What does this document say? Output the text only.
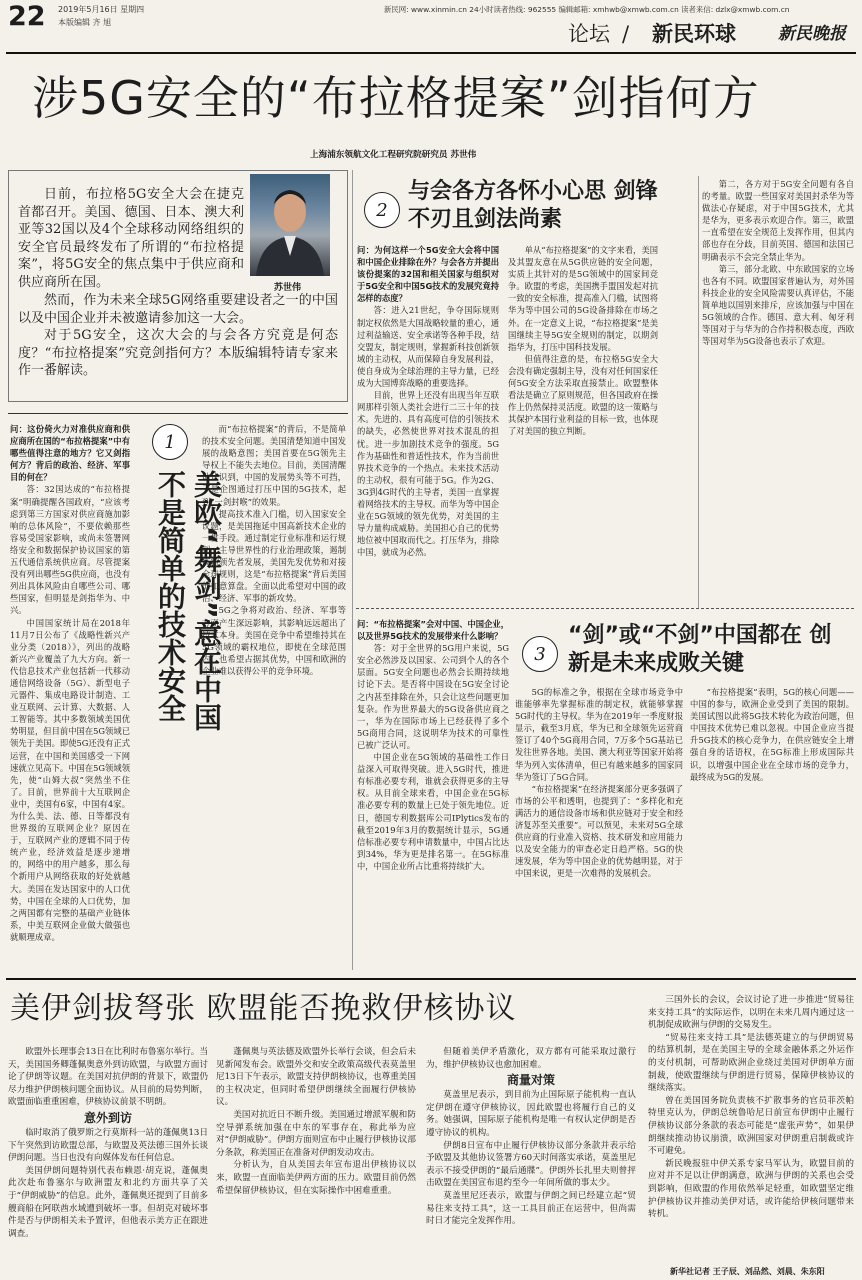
22 2019年5月16日 星期四
本版编辑 齐 旭
新民网: www.xinmin.cn 24小时读者热线: 962555 编辑邮箱: xmhwb@xmwb.com.cn 读者来信: dzlx@xmwb.com.cn
论坛 / 新民环球 新民晚报
涉5G安全的“布拉格提案”剑指何方
上海浦东领航文化工程研究院研究员 苏世伟

日前，布拉格5G安全大会在捷克首都召开。美国、德国、日本、澳大利亚等32国以及4个全球移动网络组织的安全官员最终发布了所谓的“布拉格提案”，将5G安全的焦点集中于供应商和供应商所在国。

然而，作为未来全球5G网络重要建设者之一的中国以及中国企业并未被邀请参加这一大会。

对于5G安全，这次大会的与会各方究竟是何态度？“布拉格提案”究竟剑指何方？本版编辑特请专家来作一番解读。

苏世伟
1
美欧“舞剑”意在中国 不是简单的技术安全

问：这份倚火力对准供应商和供应商所在国的“布拉格提案”中有哪些值得注意的地方？它又剑指何方？背后的政治、经济、军事目的何在？

答：32国达成的“布拉格提案”明确提醒各国政府，“应该考虑到第三方国家对供应商施加影响的总体风险”，不要依赖那些容易受国家影响，或尚未签署网络安全和数据保护协议国家的第五代通信系统供应商。尽管提案没有列出哪些5G供应商，也没有列出具体风险由自哪些公司、哪些国家，但明显是剑指华为、中兴。

中国国家统计局在2018年11月7日公布了《战略性新兴产业分类（2018）》，列出的战略新兴产业覆盖了九大方向。新一代信息技术产业包括新一代移动通信网络设备（5G）、新型电子元器件、集成电路设计制造、工业互联网、云计算、大数据、人工智能等。其中多数领域美国优势明显，但目前中国在5G领域已领先于美国。即使5G还没有正式运营，在中国和美国感受一下网速就立见高下。中国在5G领域领先，使“山姆大叔”突然坐不住了。目前，世界前十大互联网企业中，美国有6家，中国有4家。为什么美、法、德、日等都没有世界级的互联网企业？原因在于，互联网产业的逻辑不同于传统产业，经济效益是逐步递增的，网络中的用户越多，那么每个新用户从网络获取的好处就越大。美国在发达国家中的人口优势，中国在全球的人口优势，加之两国都有完整的基础产业链体系，中美互联网企业做大做强也就顺理成章。

而“布拉格提案”的背后，不是简单的技术安全问题。美国清楚知道中国发展的战略意图；美国首要在5G领先主导权上不能失去地位。目前，美国清醒地认识到，中国的发展势头等不可挡，于是企图通过打压中国的5G技术，起到“一剑封喉”的效果。

提高技术准入门槛，切入国家安全议题，是美国拖延中国高新技术企业的一贯手段。通过制定行业标准和运行规则，主导世界性的行业治理政策，遏制高新领先者发展，美国先发优势和对接全球规则，这是“布拉格提案”背后美国的如意算盘。全面以此希望对中国的政治、经济、军事的新攻势。

5G之争将对政治、经济、军事等方面产生深远影响，其影响远远超出了技术本身。美国在竞争中希望维持其在5G领域的霸权地位，即使在全球范围内，也希望占据其优势，中国和欧洲的企业难以获得公平的竞争环境。

2
与会各方各怀小心思 剑锋不刃且剑法尚素

问：为何这样一个5G安全大会将中国和中国企业排除在外？与会各方并提出该份提案的32国和相关国家与组织对于5G安全和中国5G技术的发展究竟持怎样的态度？

答：进入21世纪，争夺国际规则制定权依然是大国战略较量的重心，通过利益输送、安全承诺等各种手段，结交盟友，制定规则，掌握新科技创新领域的主动权，从而保障自身发展利益，使自身成为全球治理的主导力量，已经成为大国博弈战略的重要选择。

目前，世界上还没有出现当年互联网那样引领人类社会进行二三十年的技术。先进的、具有高度可信的引领技术的缺失，必然使世界对技术混乱的担忧。进一步加剧技术竞争的强度。5G作为基础性和普适性技术，作为当前世界技术竞争的一个热点。未来技术活动的主动权，很有可能于5G。作为2G、3G到4G时代的主导者，美国一直掌握着网络技术的主导权。而华为等中国企业在5G领域的领先优势，对美国的主导力量构成威胁。美国担心自己的优势地位被中国取而代之。打压华为，排除中国，就成为必然。

单从“布拉格提案”的文字来看，美国及其盟友意在从5G供应链的安全问题，实质上其针对的是5G领域中的国家间竞争。欧盟的考虑，美国携手盟国发起对抗一致的安全标准，提高准入门槛，试图将华为等中国公司的5G设备排除在市场之外。在一定意义上说，“布拉格提案”是美国继续主导5G安全规则的制定，以期剑指华为，打压中国科技发展。

但值得注意的是，布拉格5G安全大会没有确定强制主导，没有对任何国家任何5G安全方法采取直接禁止。欧盟整体看法是确立了原则规范，但各国政府在操作上仍然保持灵活度。欧盟的这一策略与其保护本国行业利益的目标一致，也体现了对美国的独立判断。

第二，各方对于5G安全问题有各自的考量。欧盟一些国家对美国封杀华为等做法心存疑虑，对于中国5G技术，尤其是华为，更多表示欢迎合作。第三，欧盟一直希望在安全规范上发挥作用，但其内部也存在分歧，目前英国、德国和法国已明确表示不会完全禁止华为。

第三，部分北欧、中东欧国家的立场也各有不同。欧盟国家普遍认为，对外国科技企业的安全风险需要认真评估，不能简单地以国别来排斥，应该加强与中国在5G领域的合作。德国、意大利、匈牙利等国对于与华为的合作持积极态度，西欧等国对华为5G设备也表示了欢迎。

3
“剑”或“不剑”中国都在 创新是未来成败关键

问：“布拉格提案”会对中国、中国企业，以及世界5G技术的发展带来什么影响？

答：对于全世界的5G用户来说，5G安全必然涉及以国家、公司到个人的各个层面。5G安全问题也必然会长期持续地讨论下去。是否将中国设在5G安全讨论之内甚至排除在外，只会让这些问题更加复杂。作为世界最大的5G设备供应商之一，华为在国际市场上已经获得了多个5G商用合同，这说明华为技术的可靠性已被广泛认可。

中国企业在5G领域的基础性工作日益深入可取得突破。进入5G时代，推进有标准必要专利，谁就会获得更多的主导权。从目前全球来看，中国企业在5G标准必要专利的数量上已处于领先地位。近日，德国专利数据库公司IPlytics发布的截至2019年3月的数据统计显示，5G通信标准必要专利申请数量中，中国占比达到34%，华为更是排名第一。在5G标准中，中国企业所占比重将持续扩大。

5G的标准之争，根据在全球市场竞争中谁能够率先掌握标准的制定权，就能够掌握5G时代的主导权。华为在2019年一季度财报显示，截至3月底，华为已和全球领先运营商签订了40个5G商用合同，7万多个5G基站已发往世界各地。美国、澳大利亚等国家开始将华为列入实体清单，但已有越来越多的国家同华为签订了5G合同。

“布拉格提案”在经济提案部分更多强调了市场的公平和透明，也提到了：“多样化和充满活力的通信设备市场和供应链对于安全和经济复苏至关重要”。可以预见，未来对5G全球供应商的行业准入资格、技术研发和应用能力以及安全能力的审查必定日趋严格。5G的快速发展，华为等中国企业的优势越明显，对于中国来说，更是一次难得的发展机会。

“布拉格提案”表明，5G的核心问题——中国的参与，欧洲企业受到了美国的限制。美国试图以此将5G技术转化为政治问题，但中国技术优势已难以忽视。中国企业应当提升5G技术的核心竞争力，在供应链安全上增强自身的话语权，在5G标准上形成国际共识，以增强中国企业在全球市场的竞争力，最终成为5G的发展。

美伊剑拔弩张 欧盟能否挽救伊核协议

欧盟外长理事会13日在比利时布鲁塞尔举行。当天，美国国务卿蓬佩奥意外到访欧盟，与欧盟方面讨论了伊朗等议题。在美国对抗伊朗的背景下，欧盟仍尽力维护伊朗核问题全面协议。从目前的局势判断，欧盟面临重重困难，伊核协议前景不明朗。

意外到访

临时取消了俄罗斯之行莫斯科一站的蓬佩奥13日下午突然到访欧盟总部，与欧盟及英法德三国外长谈伊朗问题。当日也没有向媒体发布任何信息。

美国伊朗问题特别代表布赖恩·胡克说，蓬佩奥此次赴布鲁塞尔与欧洲盟友和北约方面共享了关于“伊朗威胁”的信息。此外，蓬佩奥还提到了目前多艘商船在阿联酋水域遭到破坏一事。但胡克对破坏事件是否与伊朗相关未予置评，但他表示美方正在跟进调查。

蓬佩奥与英法德及欧盟外长举行会谈，但会后未见新闻发布会。欧盟外交和安全政策高级代表莫盖里尼13日下午表示，欧盟支持伊朗核协议，也尊重美国的主权决定，但同时希望伊朗继续全面履行伊核协议。

美国对抗近日不断升级。美国通过增派军舰和防空导弹系统加强在中东的军事存在，称此举为应对“伊朗威胁”。伊朗方面则宣布中止履行伊核协议部分条款，称美国正在准备对伊朗发动攻击。

分析认为，自从美国去年宣布退出伊核协议以来，欧盟一直面临美伊两方面的压力。欧盟目前仍然希望保留伊核协议，但在实际操作中困难重重。

但随着美伊矛盾激化，双方都有可能采取过激行为，维护伊核协议也愈加困难。

商量对策

莫盖里尼表示，到目前为止国际原子能机构一直认定伊朗在遵守伊核协议，因此欧盟也将履行自己的义务。她强调，国际原子能机构是唯一有权认定伊朗是否遵守协议的机构。

伊朗8日宣布中止履行伊核协议部分条款并表示给予欧盟及其他协议签署方60天时间落实承诺，莫盖里尼表示不接受伊朗的“最后通牒”。伊朗外长扎里夫则曾抨击欧盟在美国宣布退约至今一年间所做的事太少。

莫盖里尼还表示，欧盟与伊朗之间已经建立起“贸易往来支持工具”，这一工具目前正在运营中，但尚需时日才能完全发挥作用。

三国外长的会议，会议讨论了进一步推进“贸易往来支持工具”的实际运作，以明在未来几周内通过这一机制促成欧洲与伊朗的交易发生。

“贸易往来支持工具”是法德英建立的与伊朗贸易的结算机制，是在美国主导的全球金融体系之外运作的支付机制，可帮助欧洲企业绕过美国对伊朗单方面制裁，使欧盟继续与伊朗进行贸易，保障伊核协议的继续落实。

曾在美国国务院负责核不扩散事务的官员菲茨帕特里克认为，伊朗总统鲁哈尼日前宣布伊朗中止履行伊核协议部分条款的表态可能是“虚张声势”，如果伊朗继续推动协议崩溃，欧洲国家对伊朗重启制裁或许不可避免。

新民晚报驻中伊关系专家马军认为，欧盟目前的应对并不足以让伊朗满意，欧洲与伊朗的关系也会受到影响，但欧盟的作用依然举足轻重，如欧盟坚定维护伊核协议并推动美伊对话，或许能给伊核问题带来转机。

新华社记者 王子辰、刘品然、刘晨、朱东阳
